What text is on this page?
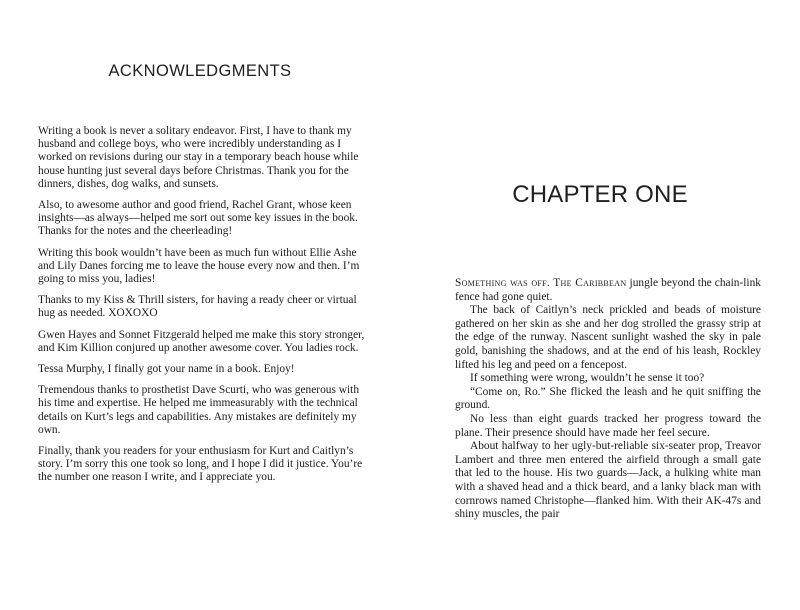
ACKNOWLEDGMENTS

Writing a book is never a solitary endeavor. First, I have to thank my husband and college boys, who were incredibly understanding as I worked on revisions during our stay in a temporary beach house while house hunting just several days before Christmas. Thank you for the dinners, dishes, dog walks, and sunsets.

Also, to awesome author and good friend, Rachel Grant, whose keen insights—as always—helped me sort out some key issues in the book. Thanks for the notes and the cheerleading!

Writing this book wouldn’t have been as much fun without Ellie Ashe and Lily Danes forcing me to leave the house every now and then. I’m going to miss you, ladies!

Thanks to my Kiss & Thrill sisters, for having a ready cheer or virtual hug as needed. XOXOXO

Gwen Hayes and Sonnet Fitzgerald helped me make this story stronger, and Kim Killion conjured up another awesome cover. You ladies rock.

Tessa Murphy, I finally got your name in a book. Enjoy!

Tremendous thanks to prosthetist Dave Scurti, who was generous with his time and expertise. He helped me immeasurably with the technical details on Kurt’s legs and capabilities. Any mistakes are definitely my own.

Finally, thank you readers for your enthusiasm for Kurt and Caitlyn’s story. I’m sorry this one took so long, and I hope I did it justice. You’re the number one reason I write, and I appreciate you.

CHAPTER ONE

Something was off. The Caribbean jungle beyond the chain-link fence had gone quiet.

The back of Caitlyn’s neck prickled and beads of moisture gathered on her skin as she and her dog strolled the grassy strip at the edge of the runway. Nascent sunlight washed the sky in pale gold, banishing the shadows, and at the end of his leash, Rockley lifted his leg and peed on a fencepost.

If something were wrong, wouldn’t he sense it too?

“Come on, Ro.” She flicked the leash and he quit sniffing the ground.

No less than eight guards tracked her progress toward the plane. Their presence should have made her feel secure.

About halfway to her ugly-but-reliable six-seater prop, Treavor Lambert and three men entered the airfield through a small gate that led to the house. His two guards—Jack, a hulking white man with a shaved head and a thick beard, and a lanky black man with cornrows named Christophe—flanked him. With their AK-47s and shiny muscles, the pair
